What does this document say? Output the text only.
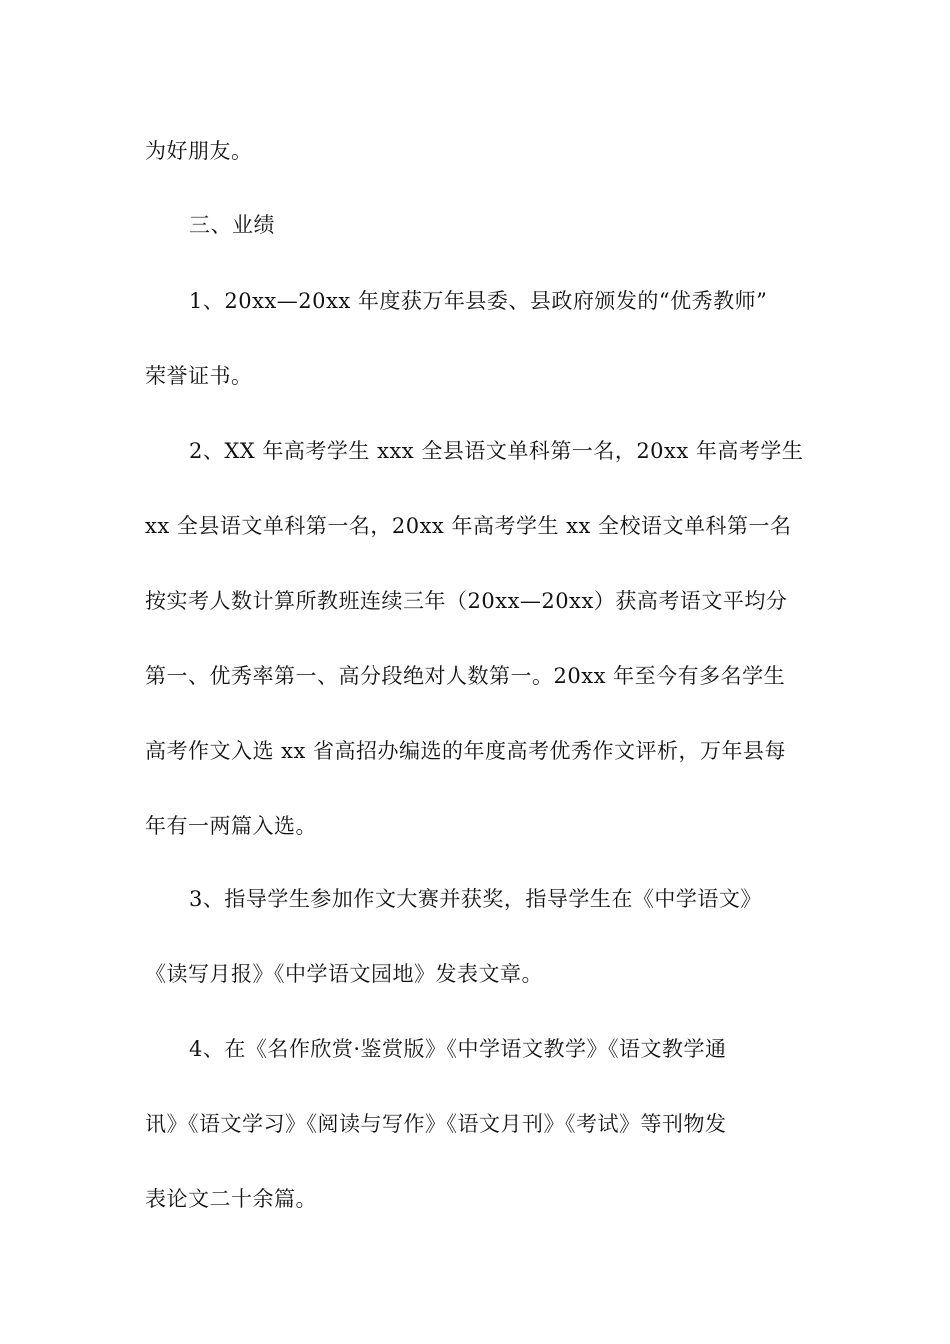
为好朋友。
三、业绩
1、20xx—20xx 年度获万年县委、县政府颁发的“优秀教师”
荣誉证书。
2、XX 年高考学生 xxx 全县语文单科第一名，20xx 年高考学生
xx 全县语文单科第一名，20xx 年高考学生 xx 全校语文单科第一名
按实考人数计算所教班连续三年（20xx—20xx）获高考语文平均分
第一、优秀率第一、高分段绝对人数第一。20xx 年至今有多名学生
高考作文入选 xx 省高招办编选的年度高考优秀作文评析，万年县每
年有一两篇入选。
3、指导学生参加作文大赛并获奖，指导学生在《中学语文》
《读写月报》《中学语文园地》发表文章。
4、在《名作欣赏·鉴赏版》《中学语文教学》《语文教学通
讯》《语文学习》《阅读与写作》《语文月刊》《考试》等刊物发
表论文二十余篇。
